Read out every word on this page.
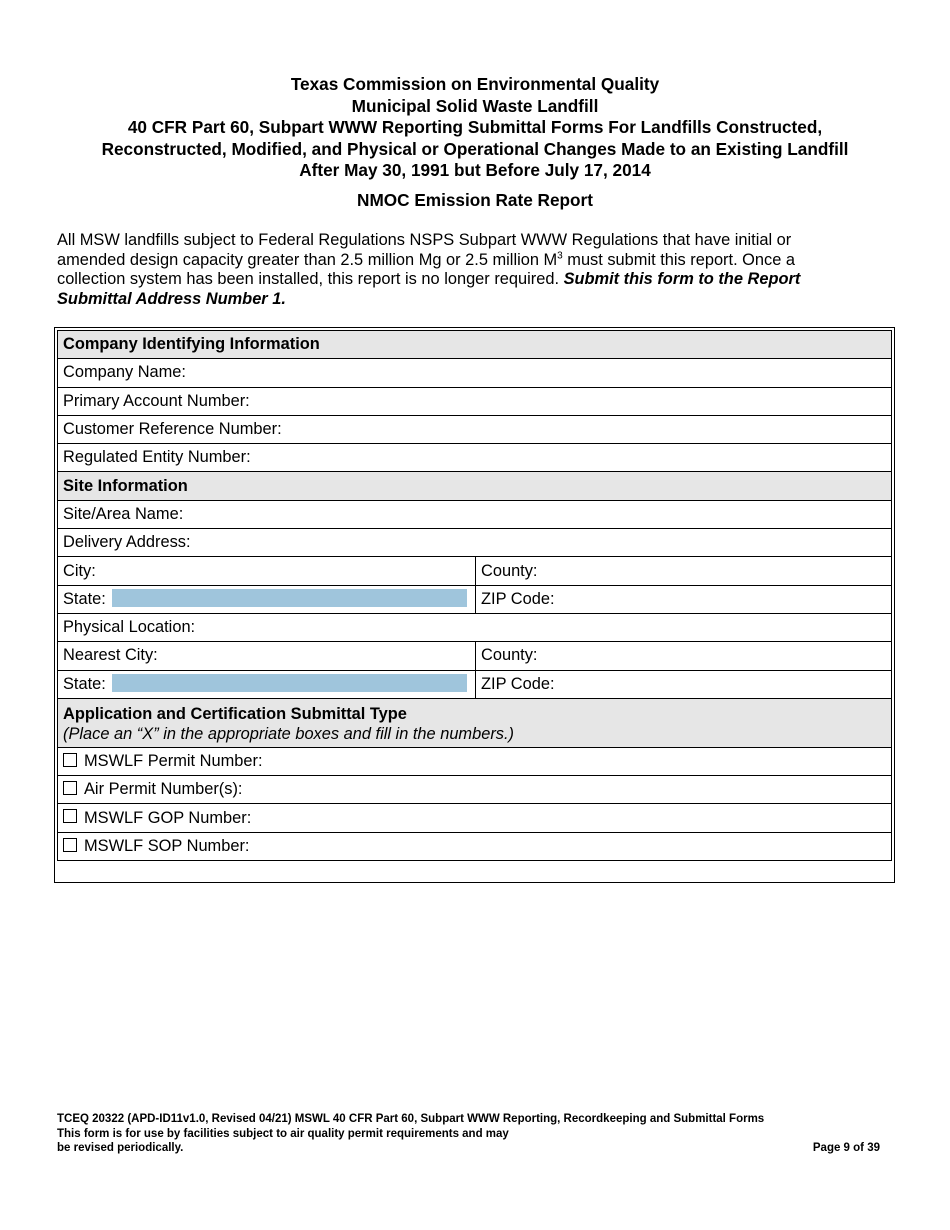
Texas Commission on Environmental Quality
Municipal Solid Waste Landfill
40 CFR Part 60, Subpart WWW Reporting Submittal Forms For Landfills Constructed,
Reconstructed, Modified, and Physical or Operational Changes Made to an Existing Landfill
After May 30, 1991 but Before July 17, 2014
NMOC Emission Rate Report
All MSW landfills subject to Federal Regulations NSPS Subpart WWW Regulations that have initial or amended design capacity greater than 2.5 million Mg or 2.5 million $M^3$ must submit this report. Once a collection system has been installed, this report is no longer required. Submit this form to the Report Submittal Address Number 1.
Company Identifying Information	
Company Name:	
Primary Account Number:	
Customer Reference Number:	
Regulated Entity Number:	
Site Information	
Site/Area Name:	
Delivery Address:	
City:	County:
State:	ZIP Code:
Physical Location:	
Nearest City:	County:
State:	ZIP Code:

Application and Certification Submittal Type
(Place an “X” in the appropriate boxes and fill in the numbers.)	

MSWLF Permit Number:	
Air Permit Number(s):	
MSWLF GOP Number:	
MSWLF SOP Number:	
TCEQ 20322 (APD-ID11v1.0, Revised 04/21) MSWL 40 CFR Part 60, Subpart WWW Reporting, Recordkeeping and Submittal Forms
This form is for use by facilities subject to air quality permit requirements and may
be revised periodically.	Page 9 of 39
